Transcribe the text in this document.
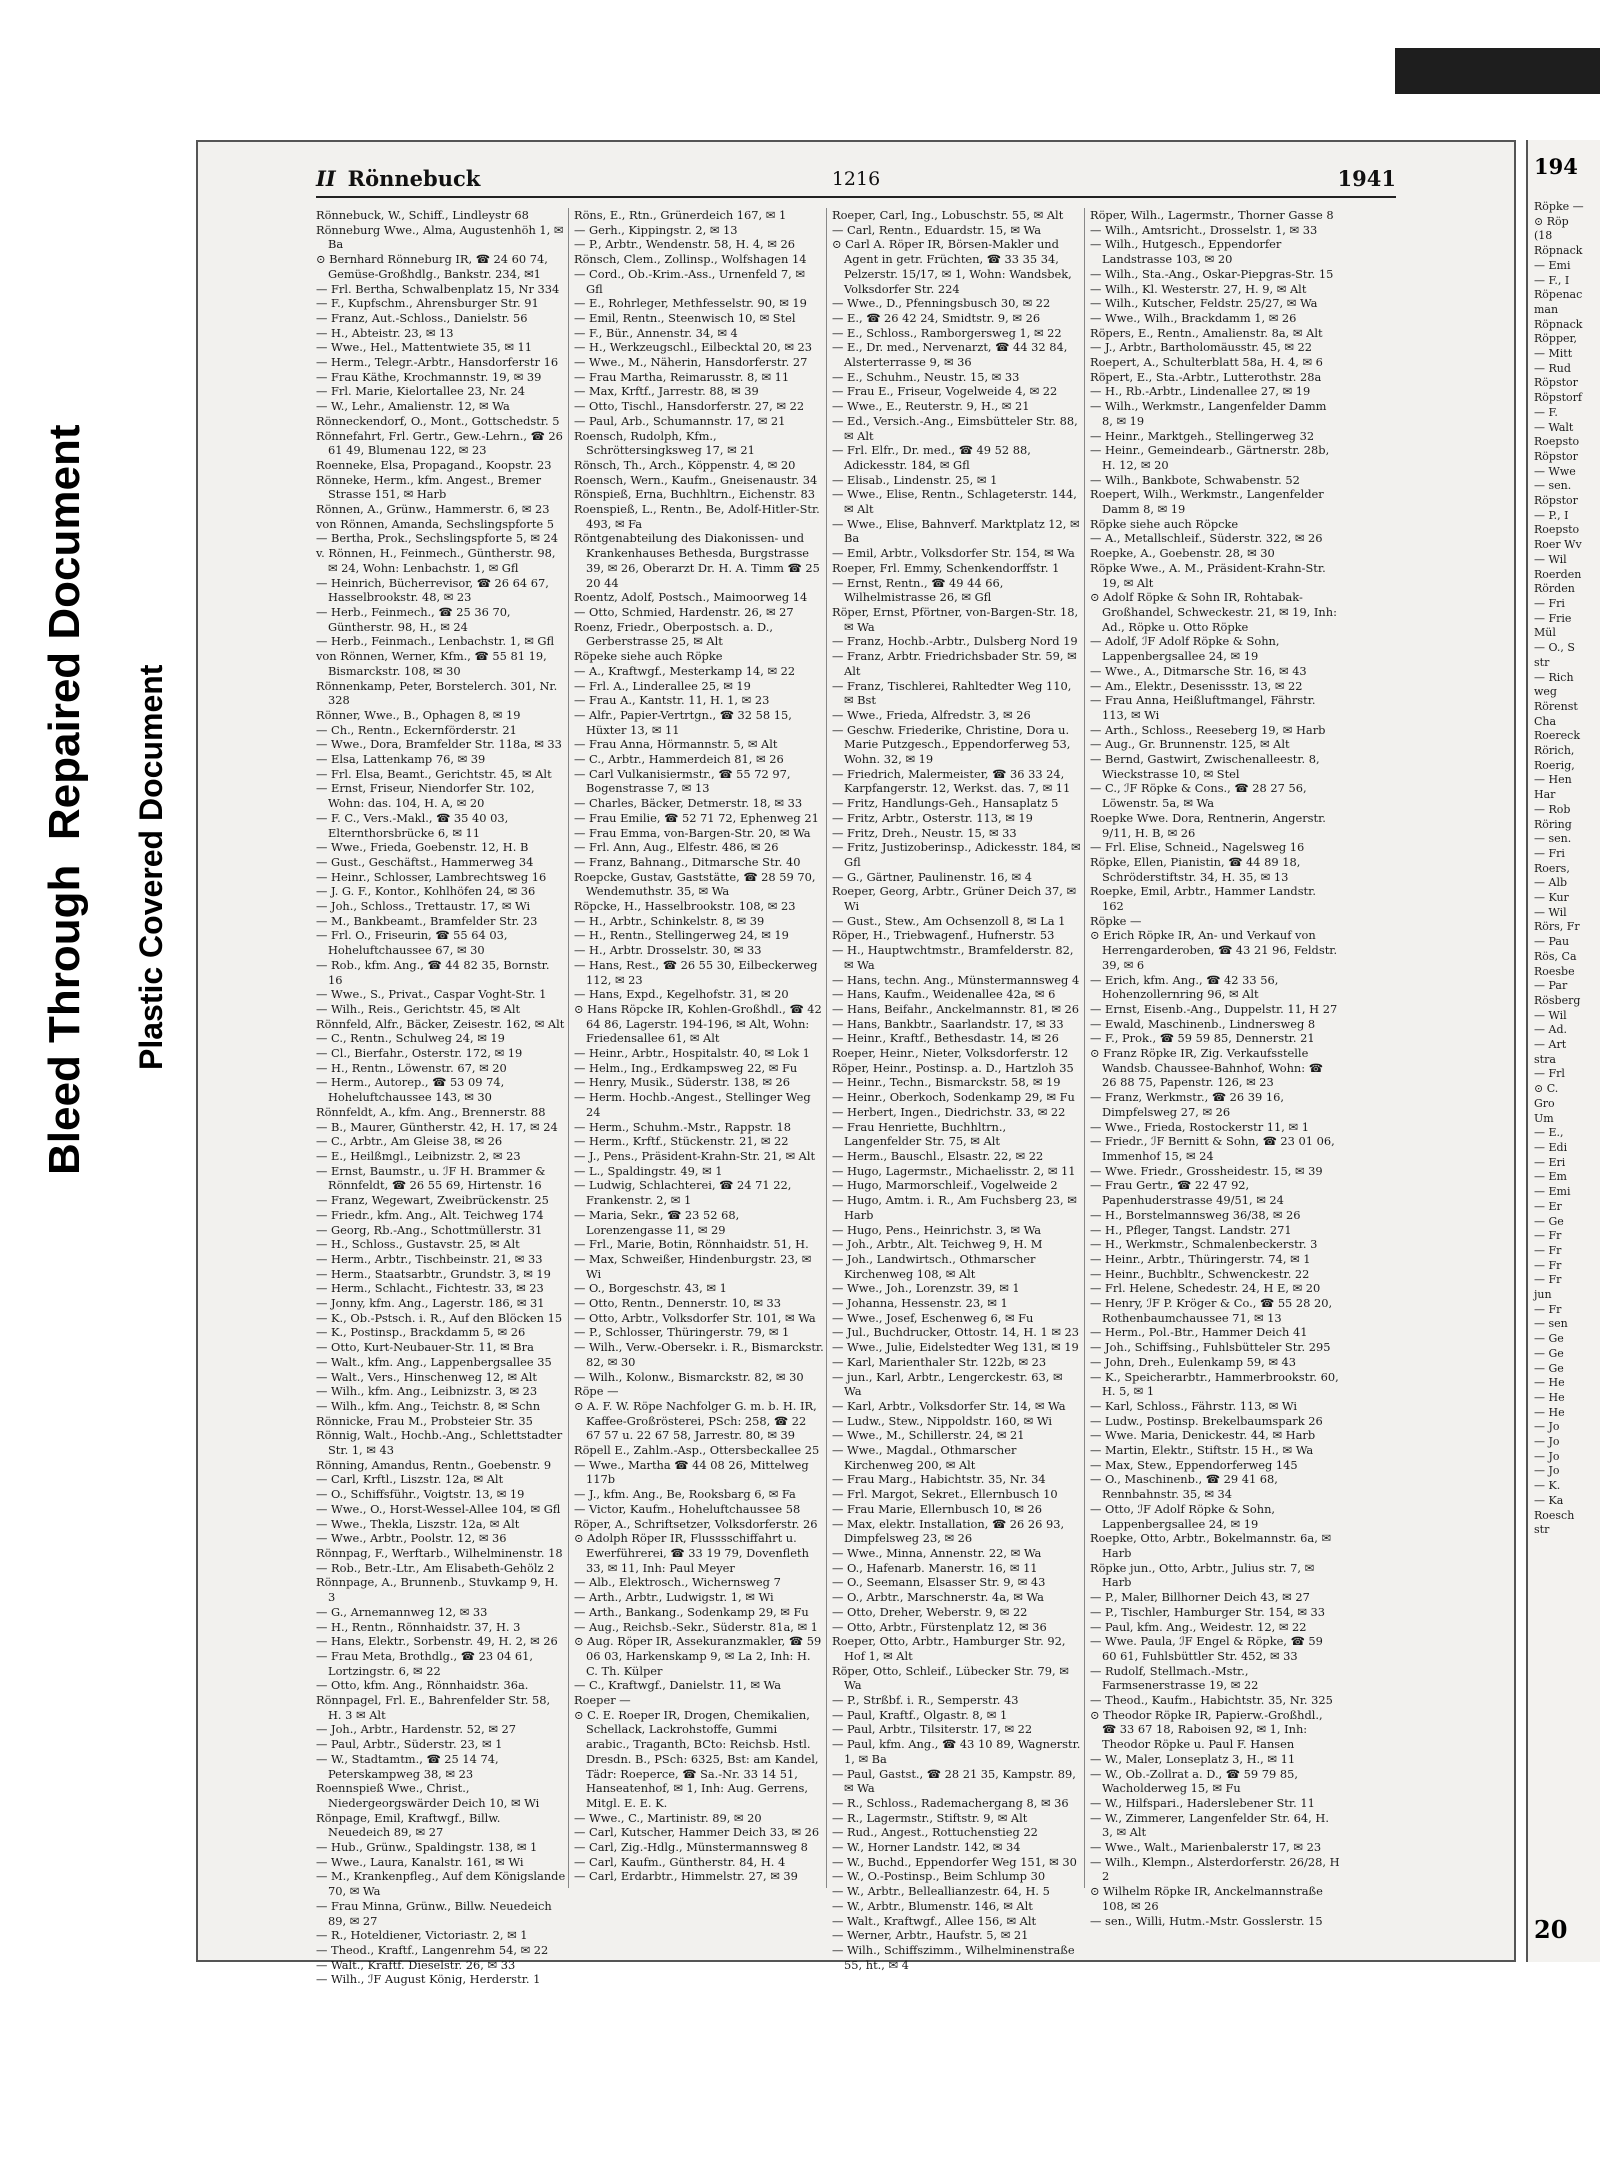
Bleed Through  Repaired Document
Plastic Covered Document
II Rönnebuck	1216	1941
Rönnebuck, W., Schiff., Lindleystr 68
Rönneburg Wwe., Alma, Augustenhöh 1, ✉ Ba
⊙ Bernhard Rönneburg IR, ☎ 24 60 74, Gemüse-Großhdlg., Bankstr. 234, ✉1
— Frl. Bertha, Schwalbenplatz 15, Nr 334
— F., Kupfschm., Ahrensburger Str. 91
— Franz, Aut.-Schloss., Danielstr. 56
— H., Abteistr. 23, ✉ 13
— Wwe., Hel., Mattentwiete 35, ✉ 11
— Herm., Telegr.-Arbtr., Hansdorferstr 16
— Frau Käthe, Krochmannstr. 19, ✉ 39
— Frl. Marie, Kielortallee 23, Nr. 24
— W., Lehr., Amalienstr. 12, ✉ Wa
Rönneckendorf, O., Mont., Gottschedstr. 5
Rönnefahrt, Frl. Gertr., Gew.-Lehrn., ☎ 26 61 49, Blumenau 122, ✉ 23
Roenneke, Elsa, Propagand., Koopstr. 23
Rönneke, Herm., kfm. Angest., Bremer Strasse 151, ✉ Harb
Rönnen, A., Grünw., Hammerstr. 6, ✉ 23
von Rönnen, Amanda, Sechslingspforte 5
— Bertha, Prok., Sechslingspforte 5, ✉ 24
v. Rönnen, H., Feinmech., Güntherstr. 98, ✉ 24, Wohn: Lenbachstr. 1, ✉ Gfl
— Heinrich, Bücherrevisor, ☎ 26 64 67, Hasselbrookstr. 48, ✉ 23
— Herb., Feinmech., ☎ 25 36 70, Güntherstr. 98, H., ✉ 24
— Herb., Feinmach., Lenbachstr. 1, ✉ Gfl
von Rönnen, Werner, Kfm., ☎ 55 81 19, Bismarckstr. 108, ✉ 30
Rönnenkamp, Peter, Borstelerch. 301, Nr. 328
Rönner, Wwe., B., Ophagen 8, ✉ 19
— Ch., Rentn., Eckernförderstr. 21
— Wwe., Dora, Bramfelder Str. 118a, ✉ 33
— Elsa, Lattenkamp 76, ✉ 39
— Frl. Elsa, Beamt., Gerichtstr. 45, ✉ Alt
— Ernst, Friseur, Niendorfer Str. 102, Wohn: das. 104, H. A, ✉ 20
— F. C., Vers.-Makl., ☎ 35 40 03, Elternthorsbrücke 6, ✉ 11
— Wwe., Frieda, Goebenstr. 12, H. B
— Gust., Geschäftst., Hammerweg 34
— Heinr., Schlosser, Lambrechtsweg 16
— J. G. F., Kontor., Kohlhöfen 24, ✉ 36
— Joh., Schloss., Trettaustr. 17, ✉ Wi
— M., Bankbeamt., Bramfelder Str. 23
— Frl. O., Friseurin, ☎ 55 64 03, Hoheluftchaussee 67, ✉ 30
— Rob., kfm. Ang., ☎ 44 82 35, Bornstr. 16
— Wwe., S., Privat., Caspar Voght-Str. 1
— Wilh., Reis., Gerichtstr. 45, ✉ Alt
Rönnfeld, Alfr., Bäcker, Zeisestr. 162, ✉ Alt
— C., Rentn., Schulweg 24, ✉ 19
— Cl., Bierfahr., Osterstr. 172, ✉ 19
— H., Rentn., Löwenstr. 67, ✉ 20
— Herm., Autorep., ☎ 53 09 74, Hoheluftchaussee 143, ✉ 30
Rönnfeldt, A., kfm. Ang., Brennerstr. 88
— B., Maurer, Güntherstr. 42, H. 17, ✉ 24
— C., Arbtr., Am Gleise 38, ✉ 26
— E., Heilßmgl., Leibnizstr. 2, ✉ 23
— Ernst, Baumstr., u. ℐF H. Brammer & Rönnfeldt, ☎ 26 55 69, Hirtenstr. 16
— Franz, Wegewart, Zweibrückenstr. 25
— Friedr., kfm. Ang., Alt. Teichweg 174
— Georg, Rb.-Ang., Schottmüllerstr. 31
— H., Schloss., Gustavstr. 25, ✉ Alt
— Herm., Arbtr., Tischbeinstr. 21, ✉ 33
— Herm., Staatsarbtr., Grundstr. 3, ✉ 19
— Herm., Schlacht., Fichtestr. 33, ✉ 23
— Jonny, kfm. Ang., Lagerstr. 186, ✉ 31
— K., Ob.-Pstsch. i. R., Auf den Blöcken 15
— K., Postinsp., Brackdamm 5, ✉ 26
— Otto, Kurt-Neubauer-Str. 11, ✉ Bra
— Walt., kfm. Ang., Lappenbergsallee 35
— Walt., Vers., Hinschenweg 12, ✉ Alt
— Wilh., kfm. Ang., Leibnizstr. 3, ✉ 23
— Wilh., kfm. Ang., Teichstr. 8, ✉ Schn
Rönnicke, Frau M., Probsteier Str. 35
Rönnig, Walt., Hochb.-Ang., Schlettstadter Str. 1, ✉ 43
Rönning, Amandus, Rentn., Goebenstr. 9
— Carl, Krftl., Liszstr. 12a, ✉ Alt
— O., Schiffsführ., Voigtstr. 13, ✉ 19
— Wwe., O., Horst-Wessel-Allee 104, ✉ Gfl
— Wwe., Thekla, Liszstr. 12a, ✉ Alt
— Wwe., Arbtr., Poolstr. 12, ✉ 36
Rönnpag, F., Werftarb., Wilhelminenstr. 18
— Rob., Betr.-Ltr., Am Elisabeth-Gehölz 2
Rönnpage, A., Brunnenb., Stuvkamp 9, H. 3
— G., Arnemannweg 12, ✉ 33
— H., Rentn., Rönnhaidstr. 37, H. 3
— Hans, Elektr., Sorbenstr. 49, H. 2, ✉ 26
— Frau Meta, Brothdlg., ☎ 23 04 61, Lortzingstr. 6, ✉ 22
— Otto, kfm. Ang., Rönnhaidstr. 36a.
Rönnpagel, Frl. E., Bahrenfelder Str. 58, H. 3 ✉ Alt
— Joh., Arbtr., Hardenstr. 52, ✉ 27
— Paul, Arbtr., Süderstr. 23, ✉ 1
— W., Stadtamtm., ☎ 25 14 74, Peterskampweg 38, ✉ 23
Roennspieß Wwe., Christ., Niedergeorgswärder Deich 10, ✉ Wi
Rönpage, Emil, Kraftwgf., Billw. Neuedeich 89, ✉ 27
— Hub., Grünw., Spaldingstr. 138, ✉ 1
— Wwe., Laura, Kanalstr. 161, ✉ Wi
— M., Krankenpfleg., Auf dem Königslande 70, ✉ Wa
— Frau Minna, Grünw., Billw. Neuedeich 89, ✉ 27
— R., Hoteldiener, Victoriastr. 2, ✉ 1
— Theod., Kraftf., Langenrehm 54, ✉ 22
— Walt., Kraftf. Dieselstr. 26, ✉ 33
— Wilh., ℐF August König, Herderstr. 1
Röns, E., Rtn., Grünerdeich 167, ✉ 1
— Gerh., Kippingstr. 2, ✉ 13
— P., Arbtr., Wendenstr. 58, H. 4, ✉ 26
Rönsch, Clem., Zollinsp., Wolfshagen 14
— Cord., Ob.-Krim.-Ass., Urnenfeld 7, ✉ Gfl
— E., Rohrleger, Methfesselstr. 90, ✉ 19
— Emil, Rentn., Steenwisch 10, ✉ Stel
— F., Bür., Annenstr. 34, ✉ 4
— H., Werkzeugschl., Eilbecktal 20, ✉ 23
— Wwe., M., Näherin, Hansdorferstr. 27
— Frau Martha, Reimarusstr. 8, ✉ 11
— Max, Krftf., Jarrestr. 88, ✉ 39
— Otto, Tischl., Hansdorferstr. 27, ✉ 22
— Paul, Arb., Schumannstr. 17, ✉ 21
Roensch, Rudolph, Kfm., Schröttersingksweg 17, ✉ 21
Rönsch, Th., Arch., Köppenstr. 4, ✉ 20
Roensch, Wern., Kaufm., Gneisenaustr. 34
Rönspieß, Erna, Buchhltrn., Eichenstr. 83
Roenspieß, L., Rentn., Be, Adolf-Hitler-Str. 493, ✉ Fa
Röntgenabteilung des Diakonissen- und Krankenhauses Bethesda, Burgstrasse 39, ✉ 26, Oberarzt Dr. H. A. Timm ☎ 25 20 44
Roentz, Adolf, Postsch., Maimoorweg 14
— Otto, Schmied, Hardenstr. 26, ✉ 27
Roenz, Friedr., Oberpostsch. a. D., Gerberstrasse 25, ✉ Alt
Röpeke siehe auch Röpke
— A., Kraftwgf., Mesterkamp 14, ✉ 22
— Frl. A., Linderallee 25, ✉ 19
— Frau A., Kantstr. 11, H. 1, ✉ 23
— Alfr., Papier-Vertrtgn., ☎ 32 58 15, Hüxter 13, ✉ 11
— Frau Anna, Hörmannstr. 5, ✉ Alt
— C., Arbtr., Hammerdeich 81, ✉ 26
— Carl Vulkanisiermstr., ☎ 55 72 97, Bogenstrasse 7, ✉ 13
— Charles, Bäcker, Detmerstr. 18, ✉ 33
— Frau Emilie, ☎ 52 71 72, Ephenweg 21
— Frau Emma, von-Bargen-Str. 20, ✉ Wa
— Frl. Ann, Aug., Elfestr. 486, ✉ 26
— Franz, Bahnang., Ditmarsche Str. 40
Roepcke, Gustav, Gaststätte, ☎ 28 59 70, Wendemuthstr. 35, ✉ Wa
Röpcke, H., Hasselbrookstr. 108, ✉ 23
— H., Arbtr., Schinkelstr. 8, ✉ 39
— H., Rentn., Stellingerweg 24, ✉ 19
— H., Arbtr. Drosselstr. 30, ✉ 33
— Hans, Rest., ☎ 26 55 30, Eilbeckerweg 112, ✉ 23
— Hans, Expd., Kegelhofstr. 31, ✉ 20
⊙ Hans Röpcke IR, Kohlen-Großhdl., ☎ 42 64 86, Lagerstr. 194-196, ✉ Alt, Wohn: Friedensallee 61, ✉ Alt
— Heinr., Arbtr., Hospitalstr. 40, ✉ Lok 1
— Helm., Ing., Erdkampsweg 22, ✉ Fu
— Henry, Musik., Süderstr. 138, ✉ 26
— Herm. Hochb.-Angest., Stellinger Weg 24
— Herm., Schuhm.-Mstr., Rappstr. 18
— Herm., Krftf., Stückenstr. 21, ✉ 22
— J., Pens., Präsident-Krahn-Str. 21, ✉ Alt
— L., Spaldingstr. 49, ✉ 1
— Ludwig, Schlachterei, ☎ 24 71 22, Frankenstr. 2, ✉ 1
— Maria, Sekr., ☎ 23 52 68, Lorenzengasse 11, ✉ 29
— Frl., Marie, Botin, Rönnhaidstr. 51, H.
— Max, Schweißer, Hindenburgstr. 23, ✉ Wi
— O., Borgeschstr. 43, ✉ 1
— Otto, Rentn., Dennerstr. 10, ✉ 33
— Otto, Arbtr., Volksdorfer Str. 101, ✉ Wa
— P., Schlosser, Thüringerstr. 79, ✉ 1
— Wilh., Verw.-Obersekr. i. R., Bismarckstr. 82, ✉ 30
— Wilh., Kolonw., Bismarckstr. 82, ✉ 30
Röpe —
⊙ A. F. W. Röpe Nachfolger G. m. b. H. IR, Kaffee-Großrösterei, PSch: 258, ☎ 22 67 57 u. 22 67 58, Jarrestr. 80, ✉ 39
Röpell E., Zahlm.-Asp., Ottersbeckallee 25
— Wwe., Martha ☎ 44 08 26, Mittelweg 117b
— J., kfm. Ang., Be, Rooksbarg 6, ✉ Fa
— Victor, Kaufm., Hoheluftchaussee 58
Röper, A., Schriftsetzer, Volksdorferstr. 26
⊙ Adolph Röper IR, Flusssschiffahrt u. Ewerführerei, ☎ 33 19 79, Dovenfleth 33, ✉ 11, Inh: Paul Meyer
— Alb., Elektrosch., Wichernsweg 7
— Arth., Arbtr., Ludwigstr. 1, ✉ Wi
— Arth., Bankang., Sodenkamp 29, ✉ Fu
— Aug., Reichsb.-Sekr., Süderstr. 81a, ✉ 1
⊙ Aug. Röper IR, Assekuranzmakler, ☎ 59 06 03, Harkenskamp 9, ✉ La 2, Inh: H. C. Th. Külper
— C., Kraftwgf., Danielstr. 11, ✉ Wa
Roeper —
⊙ C. E. Roeper IR, Drogen, Chemikalien, Schellack, Lackrohstoffe, Gummi arabic., Traganth, BCto: Reichsb. Hstl. Dresdn. B., PSch: 6325, Bst: am Kandel, Tädr: Roeperce, ☎ Sa.-Nr. 33 14 51, Hanseatenhof, ✉ 1, Inh: Aug. Gerrens, Mitgl. E. E. K.
— Wwe., C., Martinistr. 89, ✉ 20
— Carl, Kutscher, Hammer Deich 33, ✉ 26
— Carl, Zig.-Hdlg., Münstermannsweg 8
— Carl, Kaufm., Güntherstr. 84, H. 4
— Carl, Erdarbtr., Himmelstr. 27, ✉ 39
Roeper, Carl, Ing., Lobuschstr. 55, ✉ Alt
— Carl, Rentn., Eduardstr. 15, ✉ Wa
⊙ Carl A. Röper IR, Börsen-Makler und Agent in getr. Früchten, ☎ 33 35 34, Pelzerstr. 15/17, ✉ 1, Wohn: Wandsbek, Volksdorfer Str. 224
— Wwe., D., Pfenningsbusch 30, ✉ 22
— E., ☎ 26 42 24, Smidtstr. 9, ✉ 26
— E., Schloss., Ramborgersweg 1, ✉ 22
— E., Dr. med., Nervenarzt, ☎ 44 32 84, Alsterterrasse 9, ✉ 36
— E., Schuhm., Neustr. 15, ✉ 33
— Frau E., Friseur, Vogelweide 4, ✉ 22
— Wwe., E., Reuterstr. 9, H., ✉ 21
— Ed., Versich.-Ang., Eimsbütteler Str. 88, ✉ Alt
— Frl. Elfr., Dr. med., ☎ 49 52 88, Adickesstr. 184, ✉ Gfl
— Elisab., Lindenstr. 25, ✉ 1
— Wwe., Elise, Rentn., Schlageterstr. 144, ✉ Alt
— Wwe., Elise, Bahnverf. Marktplatz 12, ✉ Ba
— Emil, Arbtr., Volksdorfer Str. 154, ✉ Wa
Roeper, Frl. Emmy, Schenkendorffstr. 1
— Ernst, Rentn., ☎ 49 44 66, Wilhelmistrasse 26, ✉ Gfl
Röper, Ernst, Pförtner, von-Bargen-Str. 18, ✉ Wa
— Franz, Hochb.-Arbtr., Dulsberg Nord 19
— Franz, Arbtr. Friedrichsbader Str. 59, ✉ Alt
— Franz, Tischlerei, Rahltedter Weg 110, ✉ Bst
— Wwe., Frieda, Alfredstr. 3, ✉ 26
— Geschw. Friederike, Christine, Dora u. Marie Putzgesch., Eppendorferweg 53, Wohn. 32, ✉ 19
— Friedrich, Malermeister, ☎ 36 33 24, Karpfangerstr. 12, Werkst. das. 7, ✉ 11
— Fritz, Handlungs-Geh., Hansaplatz 5
— Fritz, Arbtr., Osterstr. 113, ✉ 19
— Fritz, Dreh., Neustr. 15, ✉ 33
— Fritz, Justizoberinsp., Adickesstr. 184, ✉ Gfl
— G., Gärtner, Paulinenstr. 16, ✉ 4
Roeper, Georg, Arbtr., Grüner Deich 37, ✉ Wi
— Gust., Stew., Am Ochsenzoll 8, ✉ La 1
Röper, H., Triebwagenf., Hufnerstr. 53
— H., Hauptwchtmstr., Bramfelderstr. 82, ✉ Wa
— Hans, techn. Ang., Münstermannsweg 4
— Hans, Kaufm., Weidenallee 42a, ✉ 6
— Hans, Beifahr., Anckelmannstr. 81, ✉ 26
— Hans, Bankbtr., Saarlandstr. 17, ✉ 33
— Heinr., Kraftf., Bethesdastr. 14, ✉ 26
Roeper, Heinr., Nieter, Volksdorferstr. 12
Röper, Heinr., Postinsp. a. D., Hartzloh 35
— Heinr., Techn., Bismarckstr. 58, ✉ 19
— Heinr., Oberkoch, Sodenkamp 29, ✉ Fu
— Herbert, Ingen., Diedrichstr. 33, ✉ 22
— Frau Henriette, Buchhltrn., Langenfelder Str. 75, ✉ Alt
— Herm., Bauschl., Elsastr. 22, ✉ 22
— Hugo, Lagermstr., Michaelisstr. 2, ✉ 11
— Hugo, Marmorschleif., Vogelweide 2
— Hugo, Amtm. i. R., Am Fuchsberg 23, ✉ Harb
— Hugo, Pens., Heinrichstr. 3, ✉ Wa
— Joh., Arbtr., Alt. Teichweg 9, H. M
— Joh., Landwirtsch., Othmarscher Kirchenweg 108, ✉ Alt
— Wwe., Joh., Lorenzstr. 39, ✉ 1
— Johanna, Hessenstr. 23, ✉ 1
— Wwe., Josef, Eschenweg 6, ✉ Fu
— Jul., Buchdrucker, Ottostr. 14, H. 1 ✉ 23
— Wwe., Julie, Eidelstedter Weg 131, ✉ 19
— Karl, Marienthaler Str. 122b, ✉ 23
— jun., Karl, Arbtr., Lengerckestr. 63, ✉ Wa
— Karl, Arbtr., Volksdorfer Str. 14, ✉ Wa
— Ludw., Stew., Nippoldstr. 160, ✉ Wi
— Wwe., M., Schillerstr. 24, ✉ 21
— Wwe., Magdal., Othmarscher Kirchenweg 200, ✉ Alt
— Frau Marg., Habichtstr. 35, Nr. 34
— Frl. Margot, Sekret., Ellernbusch 10
— Frau Marie, Ellernbusch 10, ✉ 26
— Max, elektr. Installation, ☎ 26 26 93, Dimpfelsweg 23, ✉ 26
— Wwe., Minna, Annenstr. 22, ✉ Wa
— O., Hafenarb. Manerstr. 16, ✉ 11
— O., Seemann, Elsasser Str. 9, ✉ 43
— O., Arbtr., Marschnerstr. 4a, ✉ Wa
— Otto, Dreher, Weberstr. 9, ✉ 22
— Otto, Arbtr., Fürstenplatz 12, ✉ 36
Roeper, Otto, Arbtr., Hamburger Str. 92, Hof 1, ✉ Alt
Röper, Otto, Schleif., Lübecker Str. 79, ✉ Wa
— P., Strßbf. i. R., Semperstr. 43
— Paul, Kraftf., Olgastr. 8, ✉ 1
— Paul, Arbtr., Tilsiterstr. 17, ✉ 22
— Paul, kfm. Ang., ☎ 43 10 89, Wagnerstr. 1, ✉ Ba
— Paul, Gastst., ☎ 28 21 35, Kampstr. 89, ✉ Wa
— R., Schloss., Rademachergang 8, ✉ 36
— R., Lagermstr., Stiftstr. 9, ✉ Alt
— Rud., Angest., Rottuchenstieg 22
— W., Horner Landstr. 142, ✉ 34
— W., Buchd., Eppendorfer Weg 151, ✉ 30
— W., O.-Postinsp., Beim Schlump 30
— W., Arbtr., Belleallianzestr. 64, H. 5
— W., Arbtr., Blumenstr. 146, ✉ Alt
— Walt., Kraftwgf., Allee 156, ✉ Alt
— Werner, Arbtr., Haufstr. 5, ✉ 21
— Wilh., Schiffszimm., Wilhelminenstraße 55, ht., ✉ 4
Röper, Wilh., Lagermstr., Thorner Gasse 8
— Wilh., Amtsricht., Drosselstr. 1, ✉ 33
— Wilh., Hutgesch., Eppendorfer Landstrasse 103, ✉ 20
— Wilh., Sta.-Ang., Oskar-Piepgras-Str. 15
— Wilh., Kl. Westerstr. 27, H. 9, ✉ Alt
— Wilh., Kutscher, Feldstr. 25/27, ✉ Wa
— Wwe., Wilh., Brackdamm 1, ✉ 26
Röpers, E., Rentn., Amalienstr. 8a, ✉ Alt
— J., Arbtr., Bartholomäusstr. 45, ✉ 22
Roepert, A., Schulterblatt 58a, H. 4, ✉ 6
Röpert, E., Sta.-Arbtr., Lutterothstr. 28a
— H., Rb.-Arbtr., Lindenallee 27, ✉ 19
— Wilh., Werkmstr., Langenfelder Damm 8, ✉ 19
— Heinr., Marktgeh., Stellingerweg 32
— Heinr., Gemeindearb., Gärtnerstr. 28b, H. 12, ✉ 20
— Wilh., Bankbote, Schwabenstr. 52
Roepert, Wilh., Werkmstr., Langenfelder Damm 8, ✉ 19
Röpke siehe auch Röpcke
— A., Metallschleif., Süderstr. 322, ✉ 26
Roepke, A., Goebenstr. 28, ✉ 30
Röpke Wwe., A. M., Präsident-Krahn-Str. 19, ✉ Alt
⊙ Adolf Röpke & Sohn IR, Rohtabak-Großhandel, Schweckestr. 21, ✉ 19, Inh: Ad., Röpke u. Otto Röpke
— Adolf, ℐF Adolf Röpke & Sohn, Lappenbergsallee 24, ✉ 19
— Wwe., A., Ditmarsche Str. 16, ✉ 43
— Am., Elektr., Desenissstr. 13, ✉ 22
— Frau Anna, Heißluftmangel, Fährstr. 113, ✉ Wi
— Arth., Schloss., Reeseberg 19, ✉ Harb
— Aug., Gr. Brunnenstr. 125, ✉ Alt
— Bernd, Gastwirt, Zwischenalleestr. 8, Wieckstrasse 10, ✉ Stel
— C., ℐF Röpke & Cons., ☎ 28 27 56, Löwenstr. 5a, ✉ Wa
Roepke Wwe. Dora, Rentnerin, Angerstr. 9/11, H. B, ✉ 26
— Frl. Elise, Schneid., Nagelsweg 16
Röpke, Ellen, Pianistin, ☎ 44 89 18, Schröderstiftstr. 34, H. 35, ✉ 13
Roepke, Emil, Arbtr., Hammer Landstr. 162
Röpke —
⊙ Erich Röpke IR, An- und Verkauf von Herrengarderoben, ☎ 43 21 96, Feldstr. 39, ✉ 6
— Erich, kfm. Ang., ☎ 42 33 56, Hohenzollernring 96, ✉ Alt
— Ernst, Eisenb.-Ang., Duppelstr. 11, H 27
— Ewald, Maschinenb., Lindnersweg 8
— F., Prok., ☎ 59 59 85, Dennerstr. 21
⊙ Franz Röpke IR, Zig. Verkaufsstelle Wandsb. Chaussee-Bahnhof, Wohn: ☎ 26 88 75, Papenstr. 126, ✉ 23
— Franz, Werkmstr., ☎ 26 39 16, Dimpfelsweg 27, ✉ 26
— Wwe., Frieda, Rostockerstr 11, ✉ 1
— Friedr., ℐF Bernitt & Sohn, ☎ 23 01 06, Immenhof 15, ✉ 24
— Wwe. Friedr., Grossheidestr. 15, ✉ 39
— Frau Gertr., ☎ 22 47 92, Papenhuderstrasse 49/51, ✉ 24
— H., Borstelmannsweg 36/38, ✉ 26
— H., Pfleger, Tangst. Landstr. 271
— H., Werkmstr., Schmalenbeckerstr. 3
— Heinr., Arbtr., Thüringerstr. 74, ✉ 1
— Heinr., Buchbltr., Schwenckestr. 22
— Frl. Helene, Schedestr. 24, H E, ✉ 20
— Henry, ℐF P. Kröger & Co., ☎ 55 28 20, Rothenbaumchaussee 71, ✉ 13
— Herm., Pol.-Btr., Hammer Deich 41
— Joh., Schiffsing., Fuhlsbütteler Str. 295
— John, Dreh., Eulenkamp 59, ✉ 43
— K., Speicherarbtr., Hammerbrookstr. 60, H. 5, ✉ 1
— Karl, Schloss., Fährstr. 113, ✉ Wi
— Ludw., Postinsp. Brekelbaumspark 26
— Wwe. Maria, Denickestr. 44, ✉ Harb
— Martin, Elektr., Stiftstr. 15 H., ✉ Wa
— Max, Stew., Eppendorferweg 145
— O., Maschinenb., ☎ 29 41 68, Rennbahnstr. 35, ✉ 34
— Otto, ℐF Adolf Röpke & Sohn, Lappenbergsallee 24, ✉ 19
Roepke, Otto, Arbtr., Bokelmannstr. 6a, ✉ Harb
Röpke jun., Otto, Arbtr., Julius str. 7, ✉ Harb
— P., Maler, Billhorner Deich 43, ✉ 27
— P., Tischler, Hamburger Str. 154, ✉ 33
— Paul, kfm. Ang., Weidestr. 12, ✉ 22
— Wwe. Paula, ℐF Engel & Röpke, ☎ 59 60 61, Fuhlsbüttler Str. 452, ✉ 33
— Rudolf, Stellmach.-Mstr., Farmsenerstrasse 19, ✉ 22
— Theod., Kaufm., Habichtstr. 35, Nr. 325
⊙ Theodor Röpke IR, Papierw.-Großhdl., ☎ 33 67 18, Raboisen 92, ✉ 1, Inh: Theodor Röpke u. Paul F. Hansen
— W., Maler, Lonseplatz 3, H., ✉ 11
— W., Ob.-Zollrat a. D., ☎ 59 79 85, Wacholderweg 15, ✉ Fu
— W., Hilfspari., Haderslebener Str. 11
— W., Zimmerer, Langenfelder Str. 64, H. 3, ✉ Alt
— Wwe., Walt., Marienbalerstr 17, ✉ 23
— Wilh., Klempn., Alsterdorferstr. 26/28, H 2
⊙ Wilhelm Röpke IR, Anckelmannstraße 108, ✉ 26
— sen., Willi, Hutm.-Mstr. Gosslerstr. 15
194
Röpke —
⊙ Röp
(18
Röpnack
— Emi
— F., I
Röpenac
man
Röpnack
Röpper,
— Mitt
— Rud
Röpstor
Röpstorf
— F.
— Walt
Roepsto
Röpstor
— Wwe
— sen.
Röpstor
— P., I
Roepsto
Roer Wv
— Wil
Roerden
Rörden
— Fri
— Frie
Mül
— O., S
str
— Rich
weg
Rörenst
Cha
Roereck
Rörich,
Roerig,
— Hen
Har
— Rob
Röring
— sen.
— Fri
Roers,
— Alb
— Kur
— Wil
Rörs, Fr
— Pau
Rös, Ca
Roesbe
— Par
Rösberg
— Wil
— Ad.
— Art
stra
— Frl
⊙ C.
Gro
Um
— E.,
— Edi
— Eri
— Em
— Emi
— Er
— Ge
— Fr
— Fr
— Fr
— Fr
jun
— Fr
— sen
— Ge
— Ge
— Ge
— He
— He
— He
— Jo
— Jo
— Jo
— Jo
— K.
— Ka
Roesch
str
20
